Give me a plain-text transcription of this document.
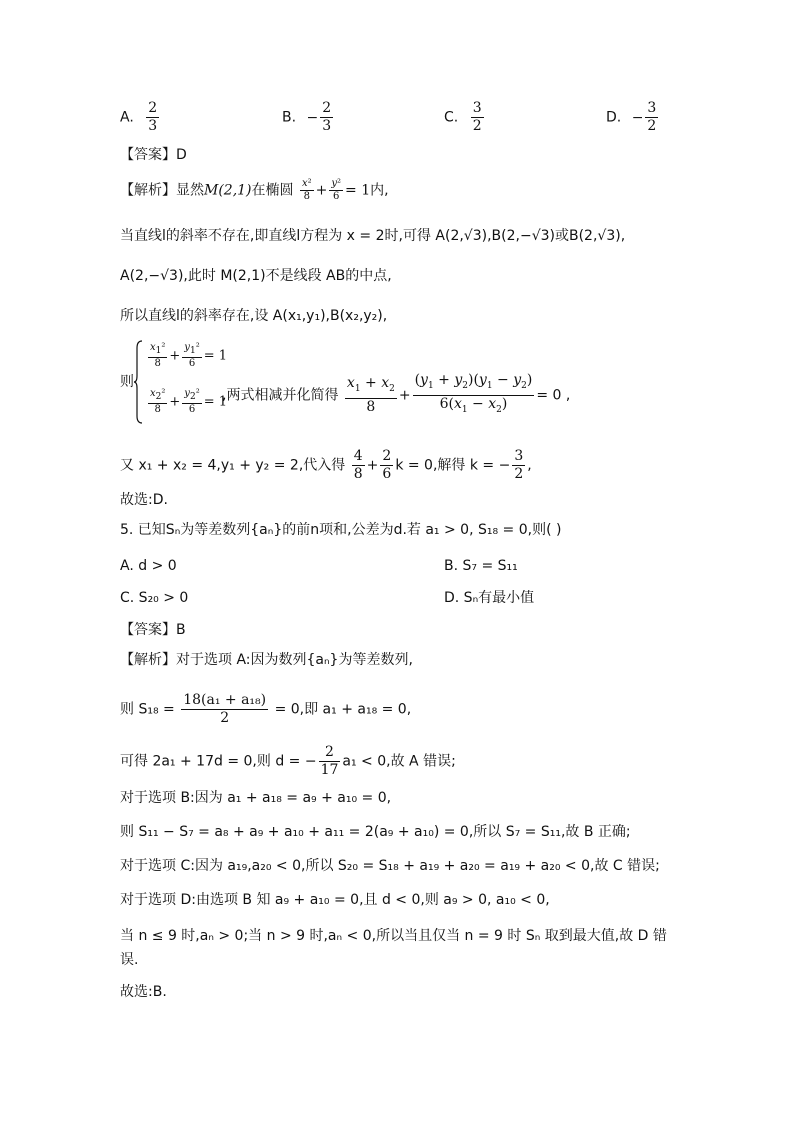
A. $\frac{2}{3}$	B. − $\frac{2}{3}$	C. $\frac{3}{2}$	D. − $\frac{3}{2}$
【答案】D
【解析】显然M(2,1)在椭圆 $\frac{\text{x²}}{8} + \frac{\text{y²}}{6} = 1$内,
当直线l的斜率不存在,即直线l方程为 x = 2时,可得 A(2,√3),B(2,−√3)或B(2,√3),
A(2,−√3),此时 M(2,1)不是线段 AB的中点,
所以直线l的斜率存在,设 A(x₁,y₁),B(x₂,y₂),
则
$\frac{x_1^2}{8} + \frac{y_1^2}{6} = 1$
$\frac{x_2^2}{8} + \frac{y_2^2}{6} = 1$
,两式相减并化简得 $\frac{x_1 + x_2}{8} + \frac{(y_1 + y_2)(y_1 - y_2)}{6(x_1 - x_2)} = 0$ ,
又 x₁ + x₂ = 4,y₁ + y₂ = 2,代入得 $\frac{4}{8} + \frac{2}{6}$ k = 0,解得 k = − $\frac{3}{2}$ ,
故选:D.
5. 已知Sₙ为等差数列{aₙ}的前n项和,公差为d.若 a₁ > 0, S₁₈ = 0,则( )
A. d > 0	B. S₇ = S₁₁
C. S₂₀ > 0	D. Sₙ有最小值
【答案】B
【解析】对于选项 A:因为数列{aₙ}为等差数列,
则 $S_{18} = \frac{\text{18(a₁ + a₁₈)}}{2} = 0$,即 a₁ + a₁₈ = 0,
可得 2a₁ + 17d = 0,则 d = − $\frac{2}{17} a_1 < 0$,故 A 错误;
对于选项 B:因为 a₁ + a₁₈ = a₉ + a₁₀ = 0,
则 S₁₁ − S₇ = a₈ + a₉ + a₁₀ + a₁₁ = 2(a₉ + a₁₀) = 0,所以 S₇ = S₁₁,故 B 正确;
对于选项 C:因为 a₁₉,a₂₀ < 0,所以 S₂₀ = S₁₈ + a₁₉ + a₂₀ = a₁₉ + a₂₀ < 0,故 C 错误;
对于选项 D:由选项 B 知 a₉ + a₁₀ = 0,且 d < 0,则 a₉ > 0, a₁₀ < 0,
当 n ≤ 9 时,aₙ > 0;当 n > 9 时,aₙ < 0,所以当且仅当 n = 9 时 Sₙ 取到最大值,故 D 错
误.
故选:B.
